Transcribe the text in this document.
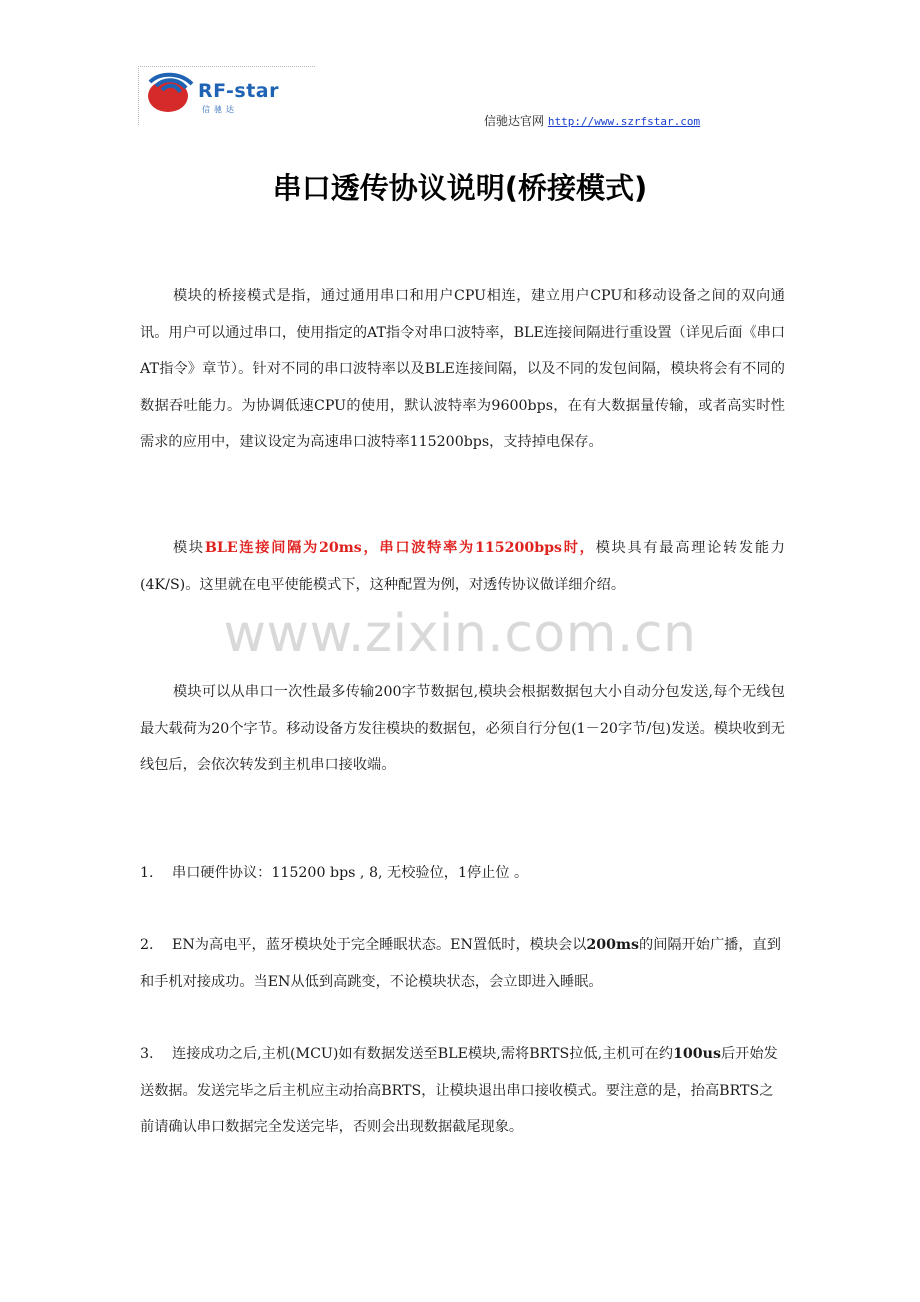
RF-star
信驰达
信驰达官网 http://www.szrfstar.com
串口透传协议说明(桥接模式)

模块的桥接模式是指，通过通用串口和用户CPU相连，建立用户CPU和移动设备之间的双向通讯。用户可以通过串口，使用指定的AT指令对串口波特率，BLE连接间隔进行重设置（详见后面《串口AT指令》章节）。针对不同的串口波特率以及BLE连接间隔，以及不同的发包间隔，模块将会有不同的数据吞吐能力。为协调低速CPU的使用，默认波特率为9600bps，在有大数据量传输，或者高实时性需求的应用中，建议设定为高速串口波特率115200bps，支持掉电保存。

模块BLE连接间隔为20ms，串口波特率为115200bps时，模块具有最高理论转发能力(4K/S)。这里就在电平使能模式下，这种配置为例，对透传协议做详细介绍。

www.zixin.com.cn

模块可以从串口一次性最多传输200字节数据包,模块会根据数据包大小自动分包发送,每个无线包最大载荷为20个字节。移动设备方发往模块的数据包，必须自行分包(1－20字节/包)发送。模块收到无线包后，会依次转发到主机串口接收端。

1. 串口硬件协议：115200 bps , 8, 无校验位，1停止位 。

2. EN为高电平，蓝牙模块处于完全睡眠状态。EN置低时，模块会以200ms的间隔开始广播，直到和手机对接成功。当EN从低到高跳变，不论模块状态，会立即进入睡眠。

3. 连接成功之后,主机(MCU)如有数据发送至BLE模块,需将BRTS拉低,主机可在约100us后开始发送数据。发送完毕之后主机应主动抬高BRTS，让模块退出串口接收模式。要注意的是，抬高BRTS之前请确认串口数据完全发送完毕，否则会出现数据截尾现象。
